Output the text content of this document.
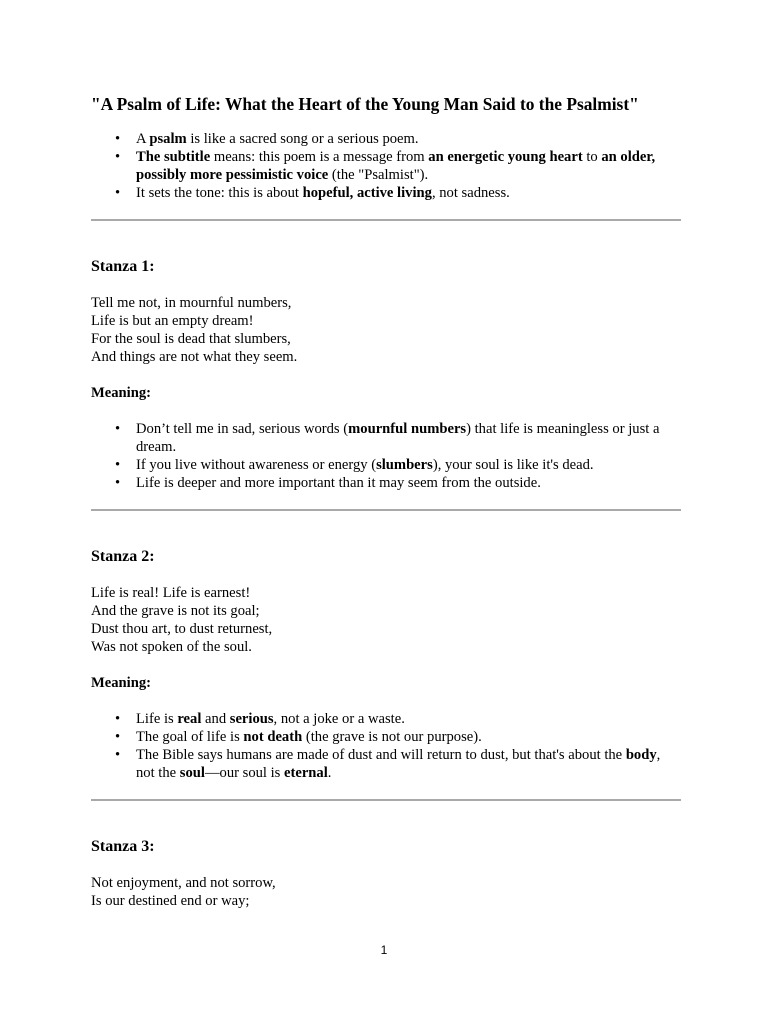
"A Psalm of Life: What the Heart of the Young Man Said to the Psalmist"
• A psalm is like a sacred song or a serious poem.
• The subtitle means: this poem is a message from an energetic young heart to an older, possibly more pessimistic voice (the "Psalmist").
• It sets the tone: this is about hopeful, active living, not sadness.
Stanza 1:
Tell me not, in mournful numbers,
Life is but an empty dream!
For the soul is dead that slumbers,
And things are not what they seem.
Meaning:
• Don’t tell me in sad, serious words (mournful numbers) that life is meaningless or just a dream.
• If you live without awareness or energy (slumbers), your soul is like it's dead.
• Life is deeper and more important than it may seem from the outside.
Stanza 2:
Life is real! Life is earnest!
And the grave is not its goal;
Dust thou art, to dust returnest,
Was not spoken of the soul.
Meaning:
• Life is real and serious, not a joke or a waste.
• The goal of life is not death (the grave is not our purpose).
• The Bible says humans are made of dust and will return to dust, but that's about the body, not the soul—our soul is eternal.
Stanza 3:
Not enjoyment, and not sorrow,
Is our destined end or way;
1
